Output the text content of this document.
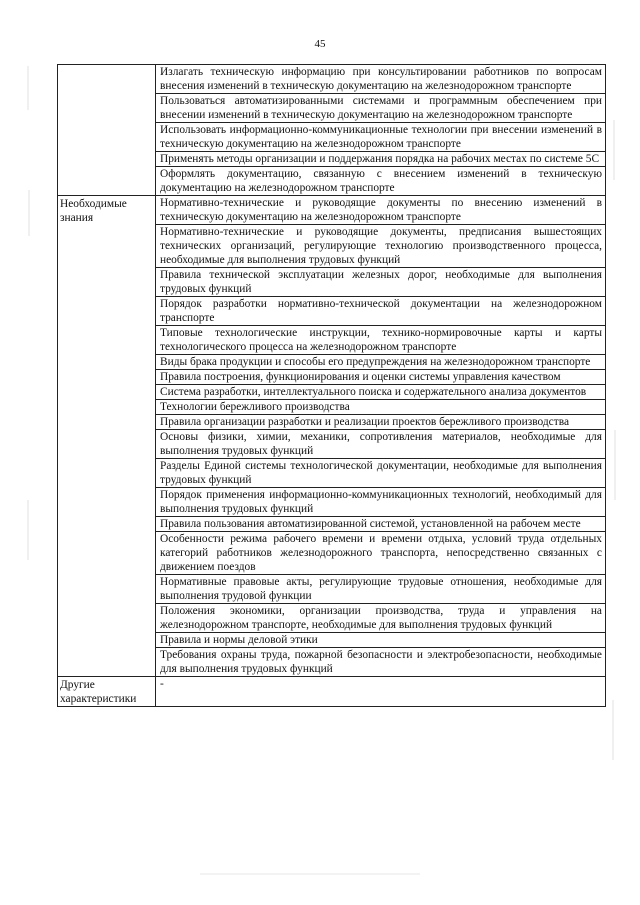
45
	Излагать техническую информацию при консультировании работников по вопросам внесения изменений в техническую документацию на железнодорожном транспорте
	Пользоваться автоматизированными системами и программным обеспечением при внесении изменений в техническую документацию на железнодорожном транспорте
	Использовать информационно-коммуникационные технологии при внесении изменений в техническую документацию на железнодорожном транспорте
	Применять методы организации и поддержания порядка на рабочих местах по системе 5С
	Оформлять документацию, связанную с внесением изменений в техническую документацию на железнодорожном транспорте
Необходимые знания	Нормативно-технические и руководящие документы по внесению изменений в техническую документацию на железнодорожном транспорте
	Нормативно-технические и руководящие документы, предписания вышестоящих технических организаций, регулирующие технологию производственного процесса, необходимые для выполнения трудовых функций
	Правила технической эксплуатации железных дорог, необходимые для выполнения трудовых функций
	Порядок разработки нормативно-технической документации на железнодорожном транспорте
	Типовые технологические инструкции, технико-нормировочные карты и карты технологического процесса на железнодорожном транспорте
	Виды брака продукции и способы его предупреждения на железнодорожном транспорте
	Правила построения, функционирования и оценки системы управления качеством
	Система разработки, интеллектуального поиска и содержательного анализа документов
	Технологии бережливого производства
	Правила организации разработки и реализации проектов бережливого производства
	Основы физики, химии, механики, сопротивления материалов, необходимые для выполнения трудовых функций
	Разделы Единой системы технологической документации, необходимые для выполнения трудовых функций
	Порядок применения информационно-коммуникационных технологий, необходимый для выполнения трудовых функций
	Правила пользования автоматизированной системой, установленной на рабочем месте
	Особенности режима рабочего времени и времени отдыха, условий труда отдельных категорий работников железнодорожного транспорта, непосредственно связанных с движением поездов
	Нормативные правовые акты, регулирующие трудовые отношения, необходимые для выполнения трудовой функции
	Положения экономики, организации производства, труда и управления на железнодорожном транспорте, необходимые для выполнения трудовых функций
	Правила и нормы деловой этики
	Требования охраны труда, пожарной безопасности и электробезопасности, необходимые для выполнения трудовых функций
Другие характеристики	-
